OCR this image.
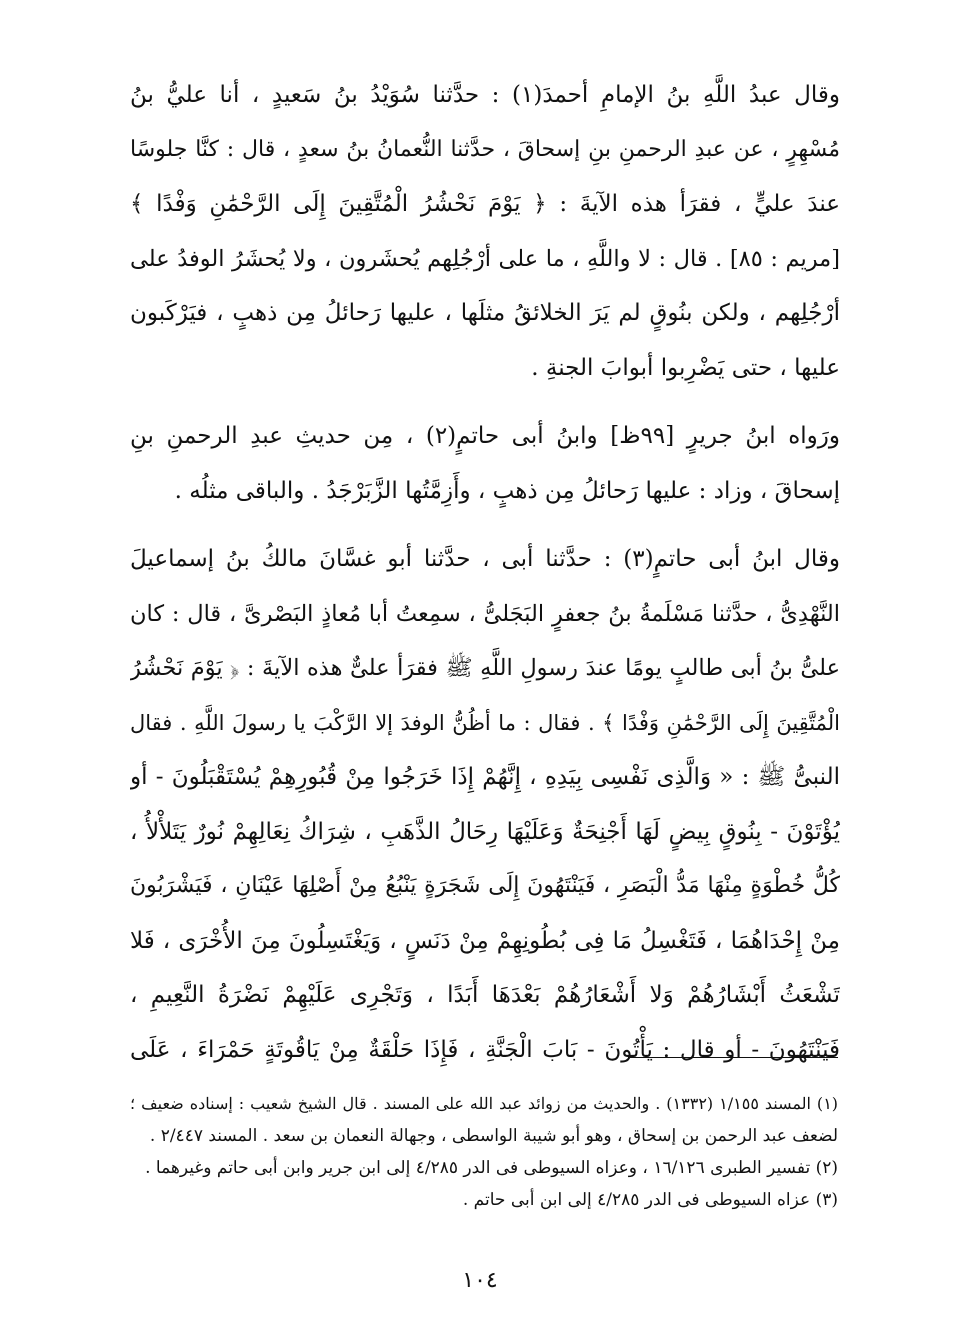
وقال عبدُ اللَّهِ بنُ الإمامِ أحمدَ(١) : حدَّثنا سُوَيْدُ بنُ سَعيدٍ ، أنا عليُّ بنُ
مُسْهِرٍ ، عن عبدِ الرحمنِ بنِ إسحاقَ ، حدَّثنا النُّعمانُ بنُ سعدٍ ، قال : كنَّا جلوسًا
عندَ عليٍّ ، فقرَأ هذه الآيةَ : ﴿ يَوْمَ نَحْشُرُ الْمُتَّقِينَ إِلَى الرَّحْمَٰنِ وَفْدًا ﴾
[مريم : ٨٥] . قال : لا واللَّهِ ، ما على أرْجُلِهم يُحشَرون ، ولا يُحشَرُ الوفدُ على
أرْجُلِهم ، ولكن بنُوقٍ لم يَرَ الخلائقُ مثلَها ، عليها رَحائلُ مِن ذهبٍ ، فيَرْكَبون
عليها ، حتى يَضْرِبوا أبوابَ الجنةِ .
ورَواه ابنُ جريرٍ [٩٩ظ] وابنُ أبى حاتمٍ(٢) ، مِن حديثِ عبدِ الرحمنِ بنِ
إسحاقَ ، وزاد : عليها رَحائلُ مِن ذهبٍ ، وأَزِمَّتُها الزَّبَرْجَدُ . والباقى مثلُه .
وقال ابنُ أبى حاتمٍ(٣) : حدَّثنا أبى ، حدَّثنا أبو غسَّانَ مالكُ بنُ إسماعيلَ
النَّهْدِىُّ ، حدَّثنا مَسْلَمةُ بنُ جعفرٍ البَجَلىُّ ، سمِعتُ أبا مُعاذٍ البَصْرىَّ ، قال : كان
علىُّ بنُ أبى طالبٍ يومًا عندَ رسولِ اللَّهِ ﷺ فقرَأ علىٌّ هذه الآيةَ : ﴿ يَوْمَ نَحْشُرُ
الْمُتَّقِينَ إِلَى الرَّحْمَٰنِ وَفْدًا ﴾ . فقال : ما أظُنُّ الوفدَ إلا الرَّكْبَ يا رسولَ اللَّهِ . فقال
النبىُّ ﷺ : « وَالَّذِى نَفْسِى بِيَدِهِ ، إِنَّهُمْ إِذَا خَرَجُوا مِنْ قُبُورِهِمْ يُسْتَقْبَلُونَ - أو
يُؤْتَوْنَ - بِنُوقٍ بِيضٍ لَهَا أَجْنِحَةٌ وَعَلَيْهَا رِحَالُ الذَّهَبِ ، شِرَاكُ نِعَالِهِمْ نُورٌ يَتَلأْلأُ ،
كُلُّ خُطْوَةٍ مِنْهَا مَدُّ الْبَصَرِ ، فَيَنْتَهُونَ إِلَى شَجَرَةٍ يَنْبُعُ مِنْ أَصْلِهَا عَيْنَانِ ، فَيَشْرَبُونَ
مِنْ إِحْدَاهُمَا ، فَتَغْسِلُ مَا فِى بُطُونِهِمْ مِنْ دَنَسٍ ، وَيَغْتَسِلُونَ مِنَ الأُخْرَى ، فَلا
تَشْعَثُ أَبْشَارُهُمْ وَلا أَشْعَارُهُمْ بَعْدَهَا أَبَدًا ، وَتَجْرِى عَلَيْهِمْ نَضْرَةُ النَّعِيمِ ،
فَيَنْتَهُونَ - أو قال : يَأْتُونَ - بَابَ الْجَنَّةِ ، فَإِذَا حَلْقَةٌ مِنْ يَاقُوتَةٍ حَمْرَاءَ ، عَلَى
(١) المسند ١/١٥٥ (١٣٣٢) . والحديث من زوائد عبد الله على المسند . قال الشيخ شعيب : إسناده ضعيف ؛
لضعف عبد الرحمن بن إسحاق ، وهو أبو شيبة الواسطى ، وجهالة النعمان بن سعد . المسند ٢/٤٤٧ .
(٢) تفسير الطبرى ١٦/١٢٦ ، وعزاه السيوطى فى الدر ٤/٢٨٥ إلى ابن جرير وابن أبى حاتم وغيرهما .
(٣) عزاه السيوطى فى الدر ٤/٢٨٥ إلى ابن أبى حاتم .
١٠٤
